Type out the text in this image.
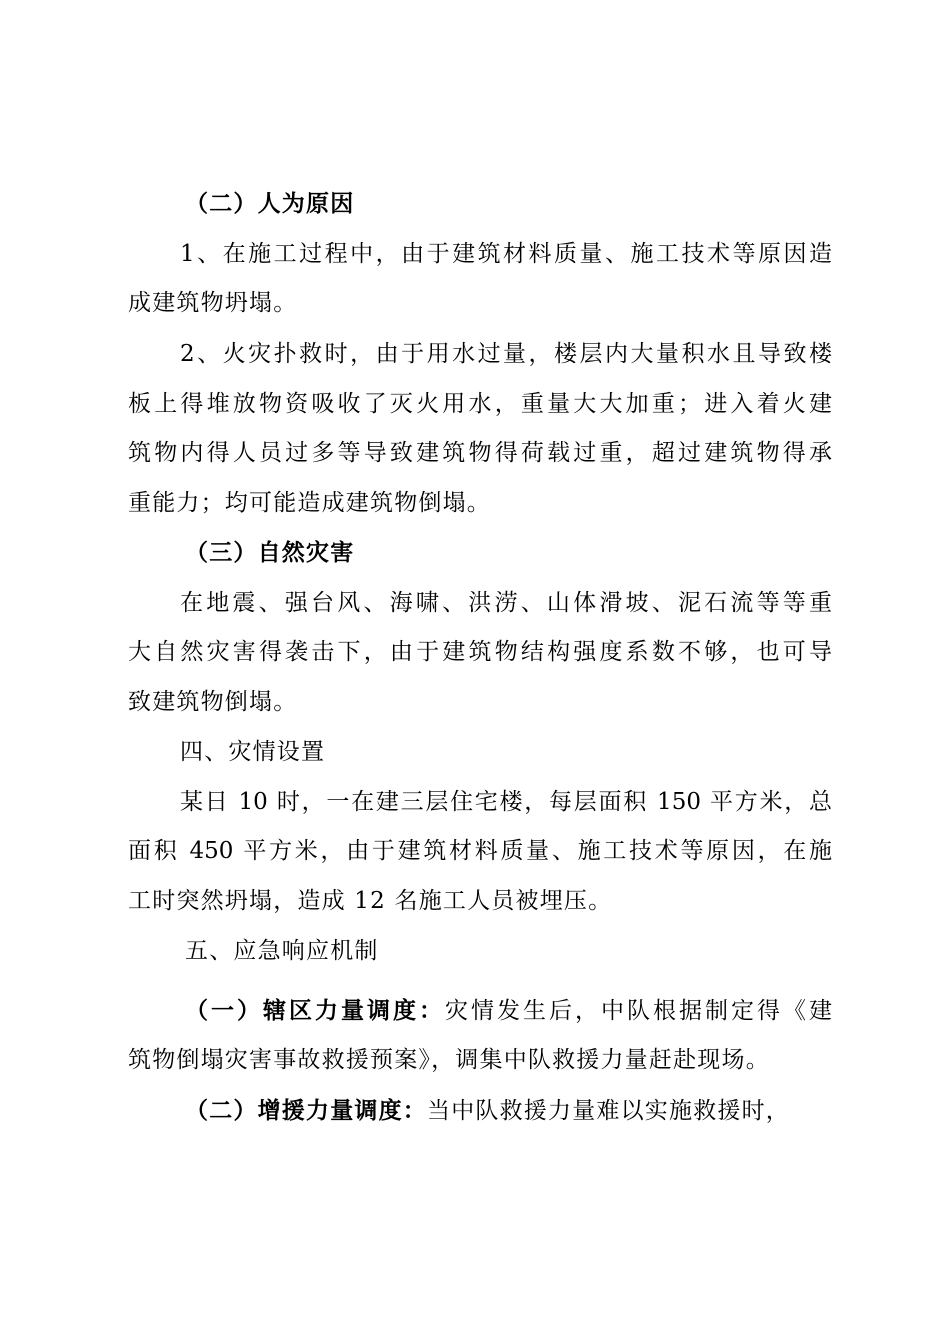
（二）人为原因
1、在施工过程中，由于建筑材料质量、施工技术等原因造
成建筑物坍塌。
2、火灾扑救时，由于用水过量，楼层内大量积水且导致楼
板上得堆放物资吸收了灭火用水，重量大大加重；进入着火建
筑物内得人员过多等导致建筑物得荷载过重，超过建筑物得承
重能力；均可能造成建筑物倒塌。
（三）自然灾害
在地震、强台风、海啸、洪涝、山体滑坡、泥石流等等重
大自然灾害得袭击下，由于建筑物结构强度系数不够，也可导
致建筑物倒塌。
四、灾情设置
某日 10 时，一在建三层住宅楼，每层面积 150 平方米，总
面积 450 平方米，由于建筑材料质量、施工技术等原因，在施
工时突然坍塌，造成 12 名施工人员被埋压。
五、应急响应机制
（一）辖区力量调度：灾情发生后，中队根据制定得《建
筑物倒塌灾害事故救援预案》，调集中队救援力量赶赴现场。
（二）增援力量调度：当中队救援力量难以实施救援时，
